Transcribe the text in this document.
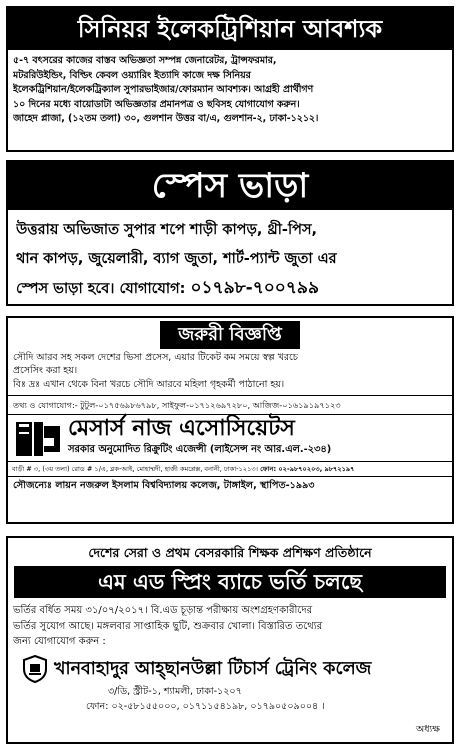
সিনিয়র ইলেকট্রিশিয়ান আবশ্যক
৫-৭ বৎসরের কাজের বাস্তব অভিজ্ঞতা সম্পন্ন জেনারেটর, ট্রান্সফরমার,
মটররিউইন্ডিং, বিল্ডিং কেবল ওয়্যারিং ইত্যাদি কাজে দক্ষ সিনিয়র
ইলেকট্রিশিয়ান/ইলেকট্রিক্যাল সুপারভাইজার/ফোরম্যান আবশ্যক। আগ্রহী প্রার্থীগণ
১০ দিনের মধ্যে বায়োডাটা অভিজ্ঞতার প্রমানপত্র ও ছবিসহ যোগাযোগ করুন।
জাহেদ প্লাজা, (১২তম তলা) ৩০, গুলশান উত্তর বা/এ, গুলশান-২, ঢাকা-১২১২।
স্পেস ভাড়া
উত্তরায় অভিজাত সুপার শপে শাড়ী কাপড়, থ্রী-পিস,
থান কাপড়, জুয়েলারী, ব্যাগ জুতা, শার্ট-প্যান্ট জুতা এর
স্পেস ভাড়া হবে। যোগাযোগ: ০১৭৯৮-৭০০৭৯৯
জরুরী বিজ্ঞপ্তি
সৌদি আরব সহ সকল দেশের ভিসা প্রসেস, এয়ার টিকেট কম সময়ে স্বল্প খরচে
প্রসেসিং করা হয়।
বিঃ দ্রঃ এখান থেকে বিনা খরচে সৌদি আরবে মহিলা গৃহকর্মী পাঠানো হয়।
তথ্য ও যোগাযোগ:- টুটুল-০১৭৫৬৯৮৬৭৯৮, সাইফুল-০১৭১২৬৯৭২৮০, আজিজ-০১৬১৯১৯৭১২৩
মেসার্স নাজ এসোসিয়েটস
সরকার অনুমোদিত রিক্রুটিং এজেন্সী (লাইসেন্স নং আর.এল.-২৩৪)
বাড়ী # ৩, (৩য় তলা) রোড # ১/এ, ব্লক-আই, মোহাম্মদী, হাজী কমপ্লেক্স, বনানী, ঢাকা-১২১৩। ফোন: ০২-৯৮৭০২০৩, ৯৮৭২১৯৭
সৌজন্যেঃ লায়ন নজরুল ইসলাম বিশ্ববিদ্যালয় কলেজ, টাঙ্গাইল, স্থাপিত-১৯৯৩
দেশের সেরা ও প্রথম বেসরকারি শিক্ষক প্রশিক্ষণ প্রতিষ্ঠানে
এম এড স্প্রিং ব্যাচে ভর্তি চলছে
ভর্তির বর্ধিত সময় ৩১/০৭/২০১৭। বি.এড চূড়ান্ত পরীক্ষায় অংশগ্রহণকারীদের
ভর্তির সুযোগ আছে। মঙ্গলবার সাপ্তাহিক ছুটি, শুক্রবার খোলা। বিস্তারিত তথ্যের
জন্য যোগাযোগ করুন :
খানবাহাদুর আহ্ছানউল্লা টিচার্স ট্রেনিং কলেজ
৩/ডি, স্ট্রীট-১, শ্যামলী, ঢাকা-১২০৭
ফোন: ০২-৫৮১৫৫০০০, ০১৭১১৫৪১৯৮, ০১৭৯০৫০৯০০৪ ।
অধ্যক্ষ
